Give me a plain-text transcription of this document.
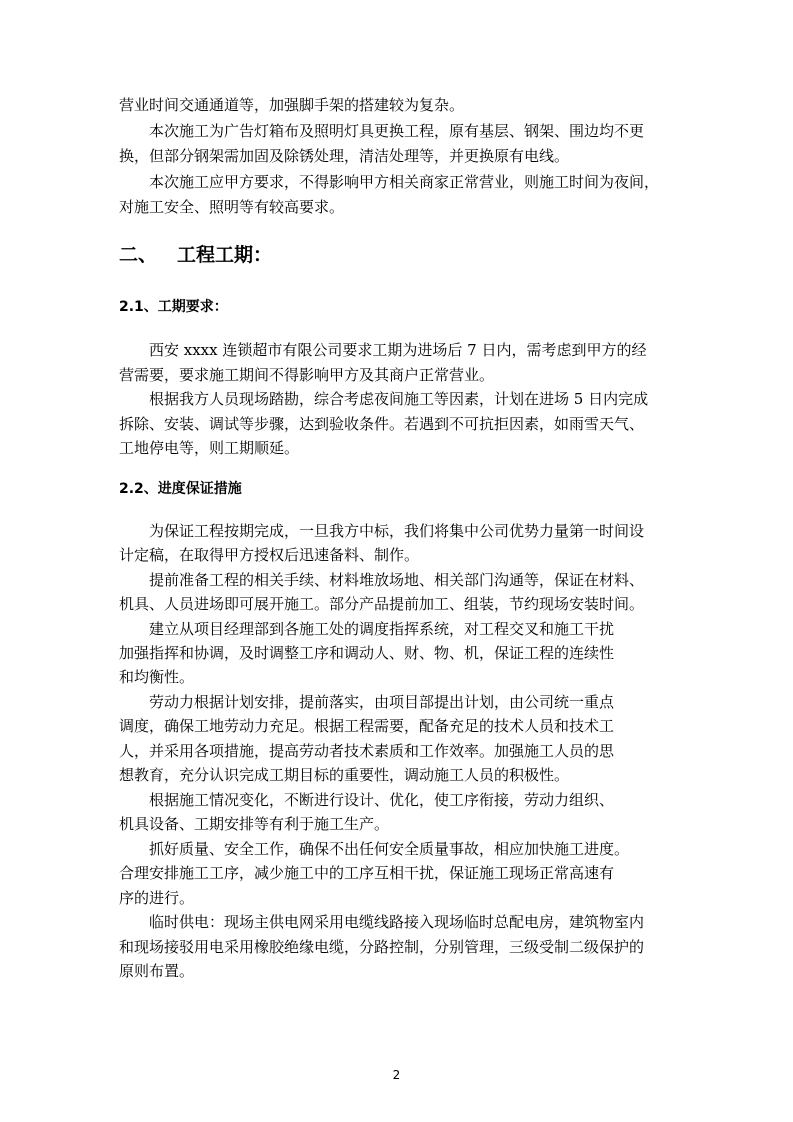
营业时间交通通道等，加强脚手架的搭建较为复杂。
本次施工为广告灯箱布及照明灯具更换工程，原有基层、钢架、围边均不更
换，但部分钢架需加固及除锈处理，清洁处理等，并更换原有电线。
本次施工应甲方要求，不得影响甲方相关商家正常营业，则施工时间为夜间，
对施工安全、照明等有较高要求。
二、 工程工期：
2.1、工期要求：
西安 xxxx 连锁超市有限公司要求工期为进场后 7 日内，需考虑到甲方的经
营需要，要求施工期间不得影响甲方及其商户正常营业。
根据我方人员现场踏勘，综合考虑夜间施工等因素，计划在进场 5 日内完成
拆除、安装、调试等步骤，达到验收条件。若遇到不可抗拒因素，如雨雪天气、
工地停电等，则工期顺延。
2.2、进度保证措施
为保证工程按期完成，一旦我方中标，我们将集中公司优势力量第一时间设
计定稿，在取得甲方授权后迅速备料、制作。
提前准备工程的相关手续、材料堆放场地、相关部门沟通等，保证在材料、
机具、人员进场即可展开施工。部分产品提前加工、组装，节约现场安装时间。
建立从项目经理部到各施工处的调度指挥系统，对工程交叉和施工干扰
加强指挥和协调，及时调整工序和调动人、财、物、机，保证工程的连续性
和均衡性。
劳动力根据计划安排，提前落实，由项目部提出计划，由公司统一重点
调度，确保工地劳动力充足。根据工程需要，配备充足的技术人员和技术工
人，并采用各项措施，提高劳动者技术素质和工作效率。加强施工人员的思
想教育，充分认识完成工期目标的重要性，调动施工人员的积极性。
根据施工情况变化，不断进行设计、优化，使工序衔接，劳动力组织、
机具设备、工期安排等有利于施工生产。
抓好质量、安全工作，确保不出任何安全质量事故，相应加快施工进度。
合理安排施工工序，减少施工中的工序互相干扰，保证施工现场正常高速有
序的进行。
临时供电：现场主供电网采用电缆线路接入现场临时总配电房，建筑物室内
和现场接驳用电采用橡胶绝缘电缆，分路控制，分别管理，三级受制二级保护的
原则布置。
2
